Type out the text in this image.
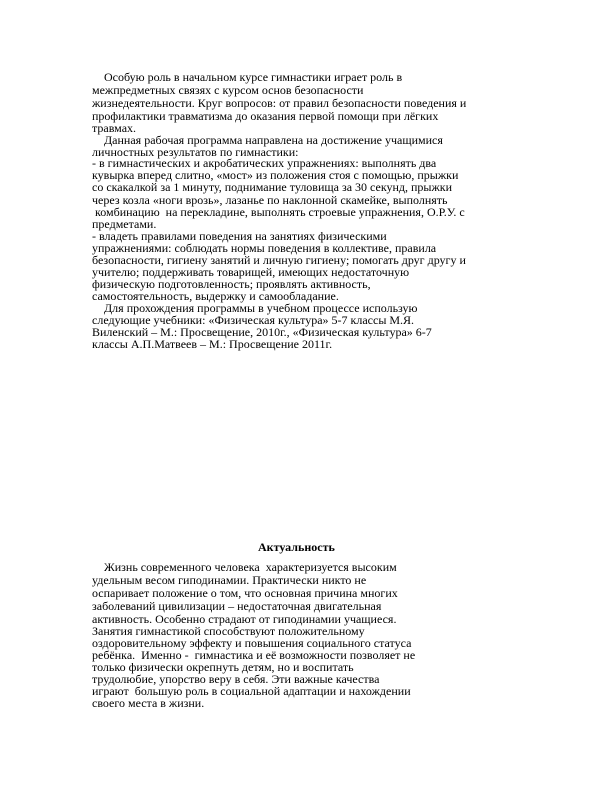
Особую роль в начальном курсе гимнастики играет роль в
межпредметных связях с курсом основ безопасности
жизнедеятельности. Круг вопросов: от правил безопасности поведения и
профилактики травматизма до оказания первой помощи при лёгких
травмах.
Данная рабочая программа направлена на достижение учащимися
личностных результатов по гимнастики:
- в гимнастических и акробатических упражнениях: выполнять два
кувырка вперед слитно, «мост» из положения стоя с помощью, прыжки
со скакалкой за 1 минуту, поднимание туловища за 30 секунд, прыжки
через козла «ноги врозь», лазанье по наклонной скамейке, выполнять
комбинацию  на перекладине, выполнять строевые упражнения, О.Р.У. с
предметами.
- владеть правилами поведения на занятиях физическими
упражнениями: соблюдать нормы поведения в коллективе, правила
безопасности, гигиену занятий и личную гигиену; помогать друг другу и
учителю; поддерживать товарищей, имеющих недостаточную
физическую подготовленность; проявлять активность,
самостоятельность, выдержку и самообладание.
Для прохождения программы в учебном процессе использую
следующие учебники: «Физическая культура» 5-7 классы М.Я.
Виленский – М.: Просвещение, 2010г., «Физическая культура» 6-7
классы А.П.Матвеев – М.: Просвещение 2011г.
Актуальность
Жизнь современного человека  характеризуется высоким
удельным весом гиподинамии. Практически никто не
оспаривает положение о том, что основная причина многих
заболеваний цивилизации – недостаточная двигательная
активность. Особенно страдают от гиподинамии учащиеся.
Занятия гимнастикой способствуют положительному
оздоровительному эффекту и повышения социального статуса
ребёнка.  Именно -  гимнастика и её возможности позволяет не
только физически окрепнуть детям, но и воспитать
трудолюбие, упорство веру в себя. Эти важные качества
играют  большую роль в социальной адаптации и нахождении
своего места в жизни.
